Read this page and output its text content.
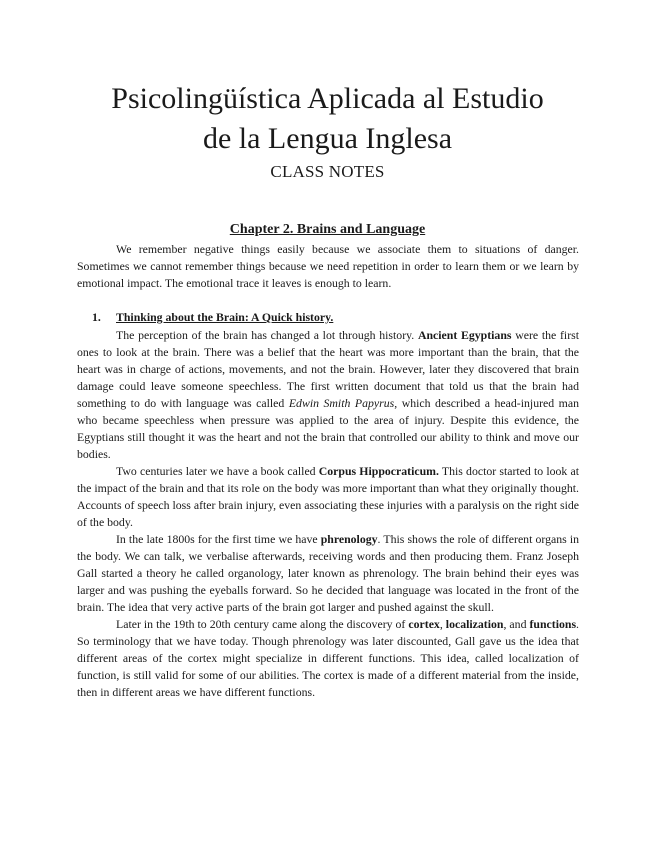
Psicolingüística Aplicada al Estudio
de la Lengua Inglesa
CLASS NOTES
Chapter 2. Brains and Language

We remember negative things easily because we associate them to situations of danger. Sometimes we cannot remember things because we need repetition in order to learn them or we learn by emotional impact. The emotional trace it leaves is enough to learn.

1. Thinking about the Brain: A Quick history.

The perception of the brain has changed a lot through history. Ancient Egyptians were the first ones to look at the brain. There was a belief that the heart was more important than the brain, that the heart was in charge of actions, movements, and not the brain. However, later they discovered that brain damage could leave someone speechless. The first written document that told us that the brain had something to do with language was called Edwin Smith Papyrus, which described a head-injured man who became speechless when pressure was applied to the area of injury. Despite this evidence, the Egyptians still thought it was the heart and not the brain that controlled our ability to think and move our bodies.

Two centuries later we have a book called Corpus Hippocraticum. This doctor started to look at the impact of the brain and that its role on the body was more important than what they originally thought. Accounts of speech loss after brain injury, even associating these injuries with a paralysis on the right side of the body.

In the late 1800s for the first time we have phrenology. This shows the role of different organs in the body. We can talk, we verbalise afterwards, receiving words and then producing them. Franz Joseph Gall started a theory he called organology, later known as phrenology. The brain behind their eyes was larger and was pushing the eyeballs forward. So he decided that language was located in the front of the brain. The idea that very active parts of the brain got larger and pushed against the skull.

Later in the 19th to 20th century came along the discovery of cortex, localization, and functions. So terminology that we have today. Though phrenology was later discounted, Gall gave us the idea that different areas of the cortex might specialize in different functions. This idea, called localization of function, is still valid for some of our abilities. The cortex is made of a different material from the inside, then in different areas we have different functions.
